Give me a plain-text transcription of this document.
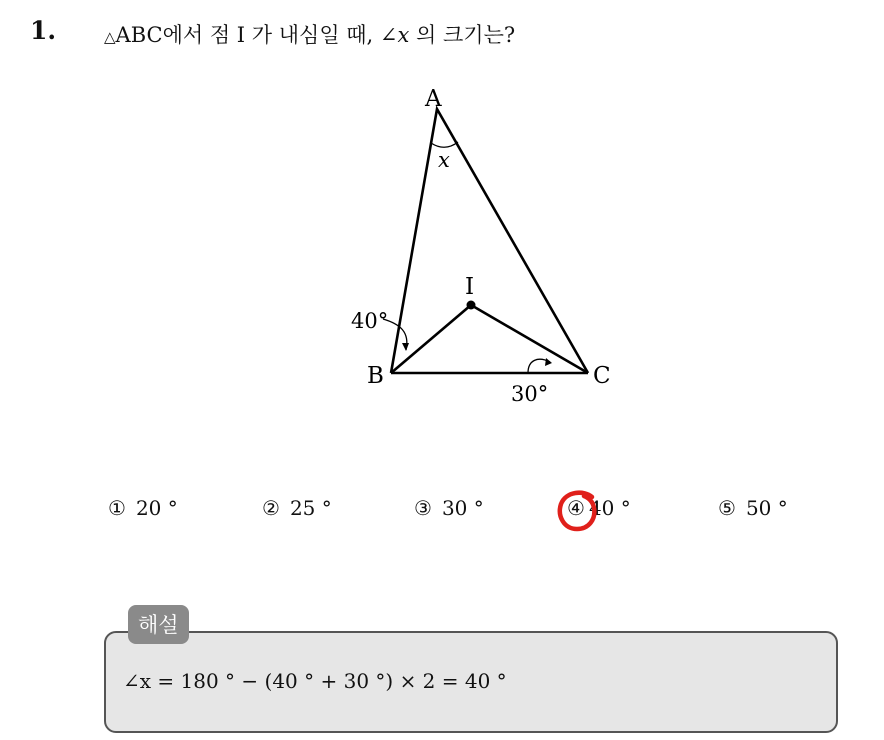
1.	△ABC에서 점 I 가 내심일 때, ∠x 의 크기는?
A
B	C
I
x
40°
30°
① 20 °	② 25 °	③ 30 °	④ 40 °	⑤ 50 °
해설
∠x = 180 ° − (40 ° + 30 °) × 2 = 40 °
